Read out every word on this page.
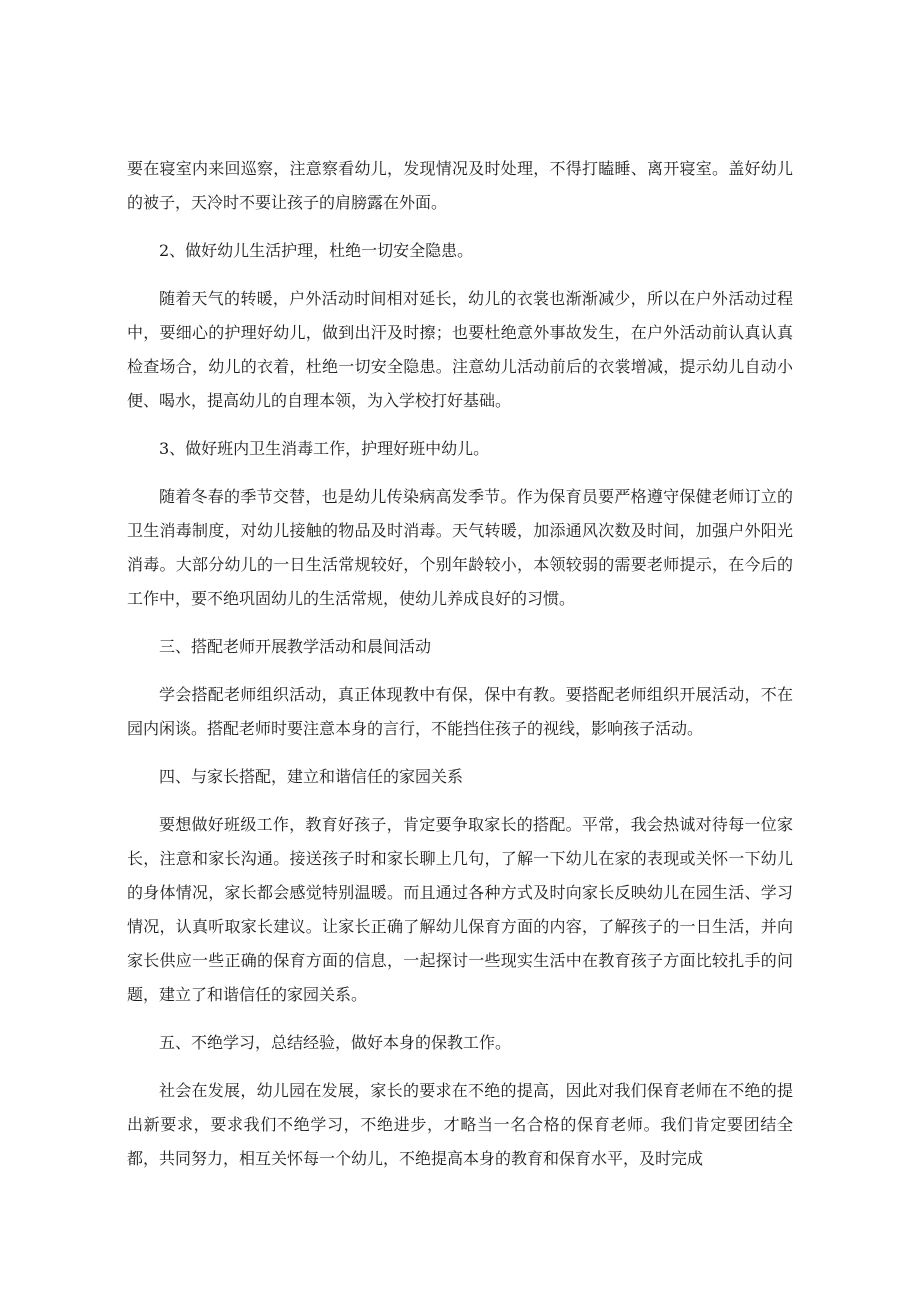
要在寝室内来回巡察，注意察看幼儿，发现情况及时处理，不得打瞌睡、离开寝室。盖好幼儿的被子，天冷时不要让孩子的肩膀露在外面。

2、做好幼儿生活护理，杜绝一切安全隐患。

随着天气的转暖，户外活动时间相对延长，幼儿的衣裳也渐渐减少，所以在户外活动过程中，要细心的护理好幼儿，做到出汗及时擦；也要杜绝意外事故发生，在户外活动前认真认真检查场合，幼儿的衣着，杜绝一切安全隐患。注意幼儿活动前后的衣裳增减，提示幼儿自动小便、喝水，提高幼儿的自理本领，为入学校打好基础。

3、做好班内卫生消毒工作，护理好班中幼儿。

随着冬春的季节交替，也是幼儿传染病高发季节。作为保育员要严格遵守保健老师订立的卫生消毒制度，对幼儿接触的物品及时消毒。天气转暖，加添通风次数及时间，加强户外阳光消毒。大部分幼儿的一日生活常规较好，个别年龄较小，本领较弱的需要老师提示，在今后的工作中，要不绝巩固幼儿的生活常规，使幼儿养成良好的习惯。

三、搭配老师开展教学活动和晨间活动

学会搭配老师组织活动，真正体现教中有保，保中有教。要搭配老师组织开展活动，不在园内闲谈。搭配老师时要注意本身的言行，不能挡住孩子的视线，影响孩子活动。

四、与家长搭配，建立和谐信任的家园关系

要想做好班级工作，教育好孩子，肯定要争取家长的搭配。平常，我会热诚对待每一位家长，注意和家长沟通。接送孩子时和家长聊上几句，了解一下幼儿在家的表现或关怀一下幼儿的身体情况，家长都会感觉特别温暖。而且通过各种方式及时向家长反映幼儿在园生活、学习情况，认真听取家长建议。让家长正确了解幼儿保育方面的内容，了解孩子的一日生活，并向家长供应一些正确的保育方面的信息，一起探讨一些现实生活中在教育孩子方面比较扎手的问题，建立了和谐信任的家园关系。

五、不绝学习，总结经验，做好本身的保教工作。

社会在发展，幼儿园在发展，家长的要求在不绝的提高，因此对我们保育老师在不绝的提出新要求，要求我们不绝学习，不绝进步，才略当一名合格的保育老师。我们肯定要团结全都，共同努力，相互关怀每一个幼儿，不绝提高本身的教育和保育水平，及时完成
